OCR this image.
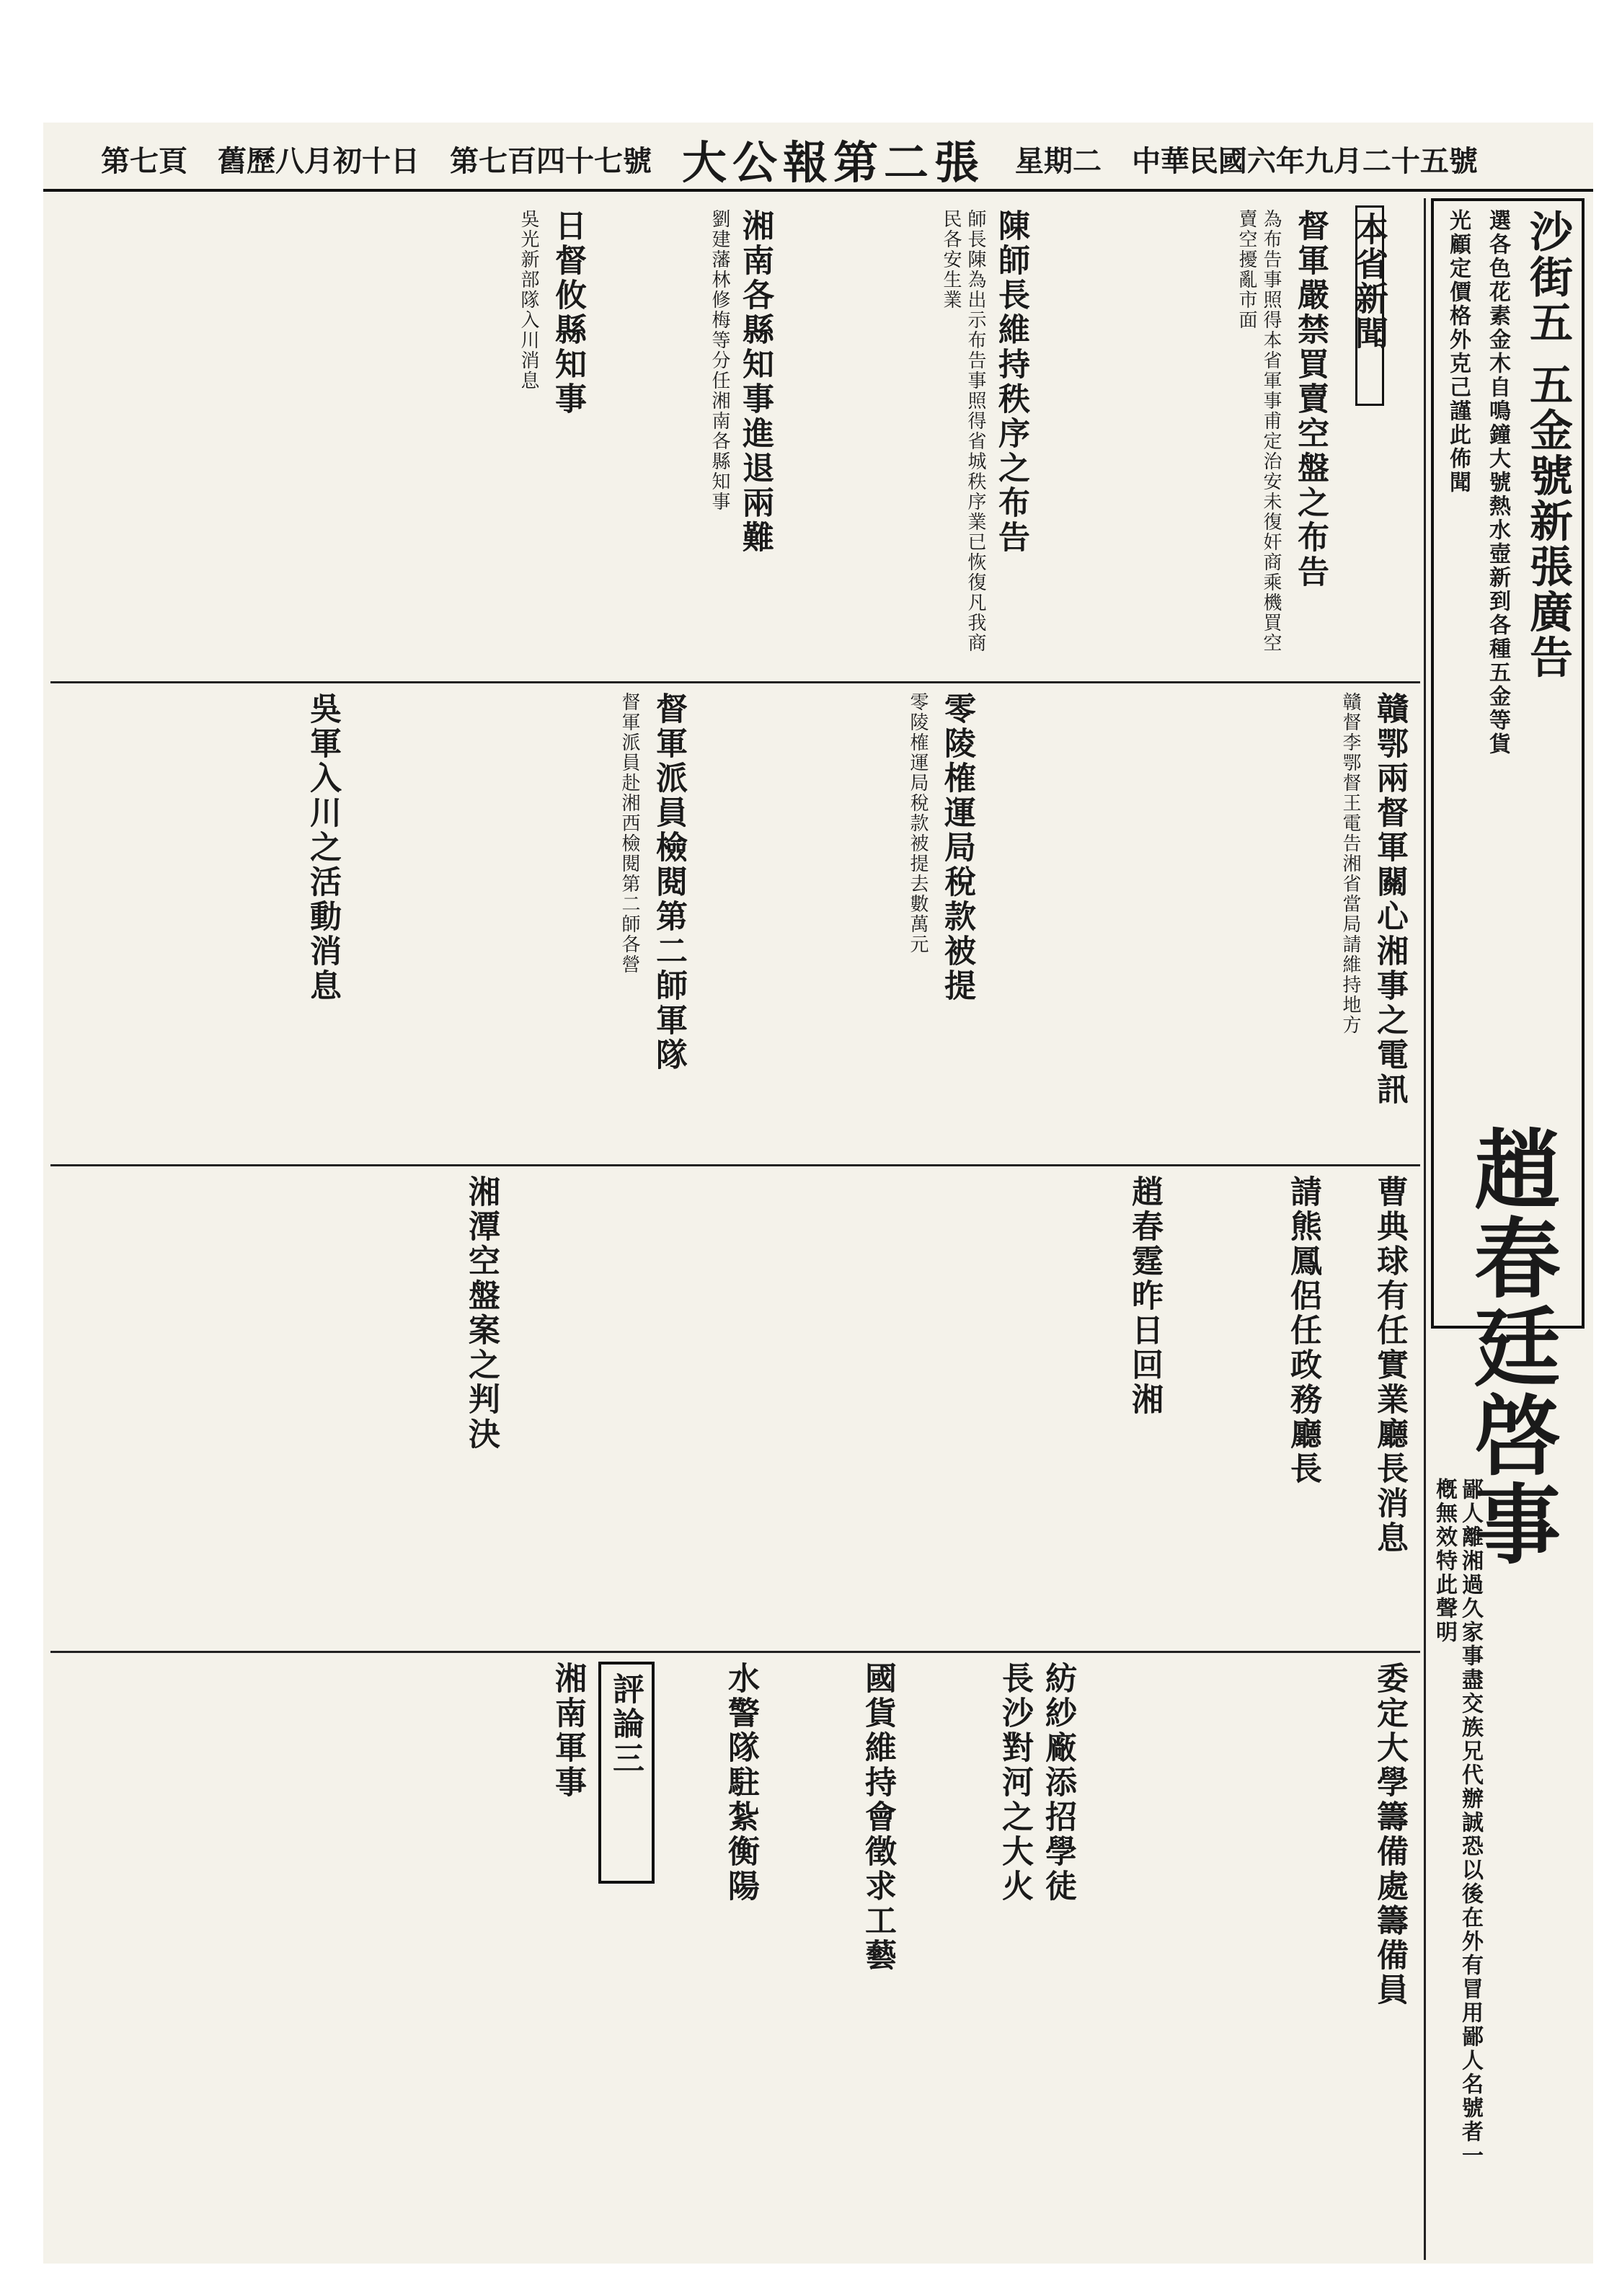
第七頁 舊歷八月初十日 第七百四十七號 大公報第二張 星期二 中華民國六年九月二十五號
沙街五 五金號新張廣告
選各色花素金木自鳴鐘大號熱水壺新到各種五金等貨
光顧定價格外克己謹此佈聞
趙春廷啓事
鄙人離湘過久家事盡交族兄代辦誠恐以後在外有冒用鄙人名號者一槪無效特此聲明
本省新聞
督軍嚴禁買賣空盤之布告
為布告事照得本省軍事甫定治安未復奸商乘機買空賣空擾亂市面
陳師長維持秩序之布告
師長陳為出示布告事照得省城秩序業已恢復凡我商民各安生業
湘南各縣知事進退兩難
劉建藩林修梅等分任湘南各縣知事
日督攸縣知事
吳光新部隊入川消息
贛鄂兩督軍關心湘事之電訊
贛督李鄂督王電告湘省當局請維持地方
督軍派員檢閱第二師軍隊
督軍派員赴湘西檢閱第二師各營	零陵榷運局稅款被提
零陵榷運局稅款被提去數萬元
吳軍入川之活動消息
曹典球有任實業廳長消息
請熊鳳侶任政務廳長
趙春霆昨日回湘
湘潭空盤案之判決
委定大學籌備處籌備員
紡紗廠添招學徒
長沙對河之大火
國貨維持會徵求工藝
水警隊駐紮衡陽
湘南軍事 評論三
